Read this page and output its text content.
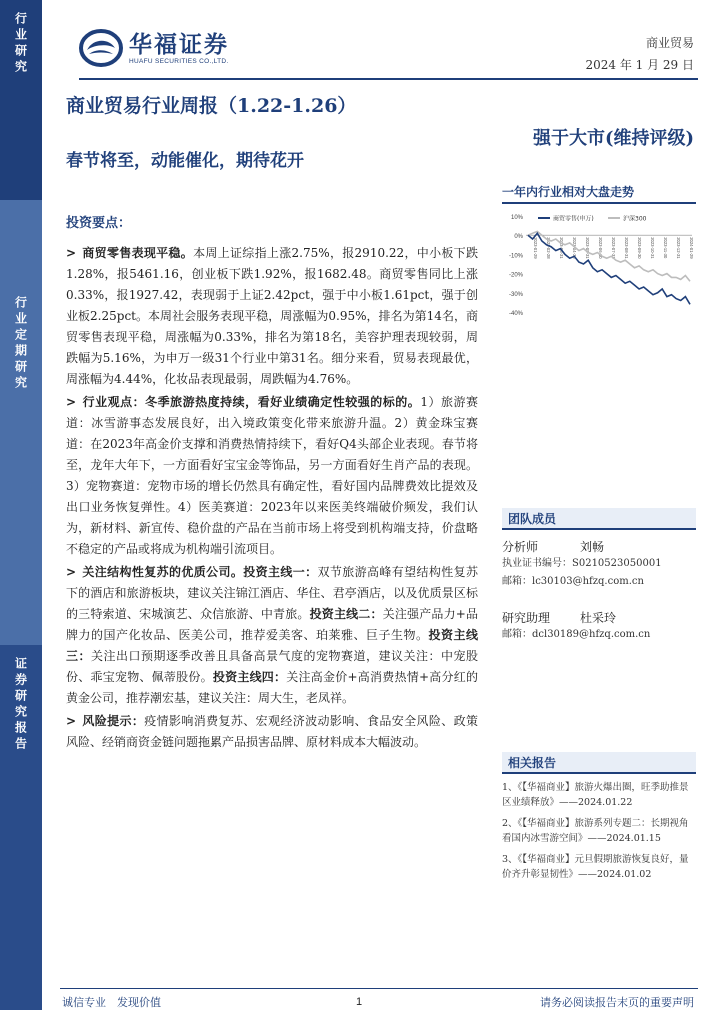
行业研究
行业定期研究
证券研究报告
华福证券
HUAFU SECURITIES CO.,LTD.
商业贸易
2024 年 1 月 29 日
商业贸易行业周报（1.22-1.26）
强于大市(维持评级)
春节将至，动能催化，期待花开
投资要点：

> 商贸零售表现平稳。本周上证综指上涨2.75%，报2910.22，中小板下跌1.28%，报5461.16，创业板下跌1.92%，报1682.48。商贸零售同比上涨0.33%，报1927.42，表现弱于上证2.42pct，强于中小板1.61pct，强于创业板2.25pct。本周社会服务表现平稳，周涨幅为0.95%，排名为第14名，商贸零售表现平稳，周涨幅为0.33%，排名为第18名，美容护理表现较弱，周跌幅为5.16%，为申万一级31个行业中第31名。细分来看，贸易表现最优，周涨幅为4.44%，化妆品表现最弱，周跌幅为4.76%。

> 行业观点：冬季旅游热度持续，看好业绩确定性较强的标的。1）旅游赛道：冰雪游事态发展良好，出入境政策变化带来旅游升温。2）黄金珠宝赛道：在2023年高金价支撑和消费热情持续下，看好Q4头部企业表现。春节将至，龙年大年下，一方面看好宝宝金等饰品，另一方面看好生肖产品的表现。3）宠物赛道：宠物市场的增长仍然具有确定性，看好国内品牌费效比提效及出口业务恢复弹性。4）医美赛道：2023年以来医美终端破价频发，我们认为，新材料、新宣传、稳价盘的产品在当前市场上将受到机构端支持，价盘略不稳定的产品或将成为机构端引流项目。

> 关注结构性复苏的优质公司。投资主线一：双节旅游高峰有望结构性复苏下的酒店和旅游板块，建议关注锦江酒店、华住、君亭酒店，以及优质景区标的三特索道、宋城演艺、众信旅游、中青旅。投资主线二：关注强产品力+品牌力的国产化妆品、医美公司，推荐爱美客、珀莱雅、巨子生物。投资主线三：关注出口预期逐季改善且具备高景气度的宠物赛道，建议关注：中宠股份、乖宝宠物、佩蒂股份。投资主线四：关注高金价+高消费热情+高分红的黄金公司，推荐潮宏基，建议关注：周大生，老凤祥。

> 风险提示：疫情影响消费复苏、宏观经济波动影响、食品安全风险、政策风险、经销商资金链问题拖累产品损害品牌、原材料成本大幅波动。

一年内行业相对大盘走势
10%
0%
-10%
-20%
-30%
-40%
2023-01-29 2023-02-28 2023-03-31 2023-04-30 2023-05-31 2023-06-30 2023-07-31 2023-08-31 2023-09-30 2023-10-31 2023-11-30 2023-12-31 2024-01-29
商贸零售(申万)	沪深300
团队成员
分析师	刘畅
执业证书编号：S0210523050001
邮箱：lc30103@hfzq.com.cn
研究助理	杜采玲
邮箱：dcl30189@hfzq.com.cn
相关报告
1、《【华福商业】旅游火爆出圈，旺季助推景区业绩释放》——2024.01.22
2、《【华福商业】旅游系列专题二：长期视角看国内冰雪游空间》——2024.01.15
3、《【华福商业】元旦假期旅游恢复良好，量价齐升彰显韧性》——2024.01.02
诚信专业　发现价值	1	请务必阅读报告末页的重要声明
